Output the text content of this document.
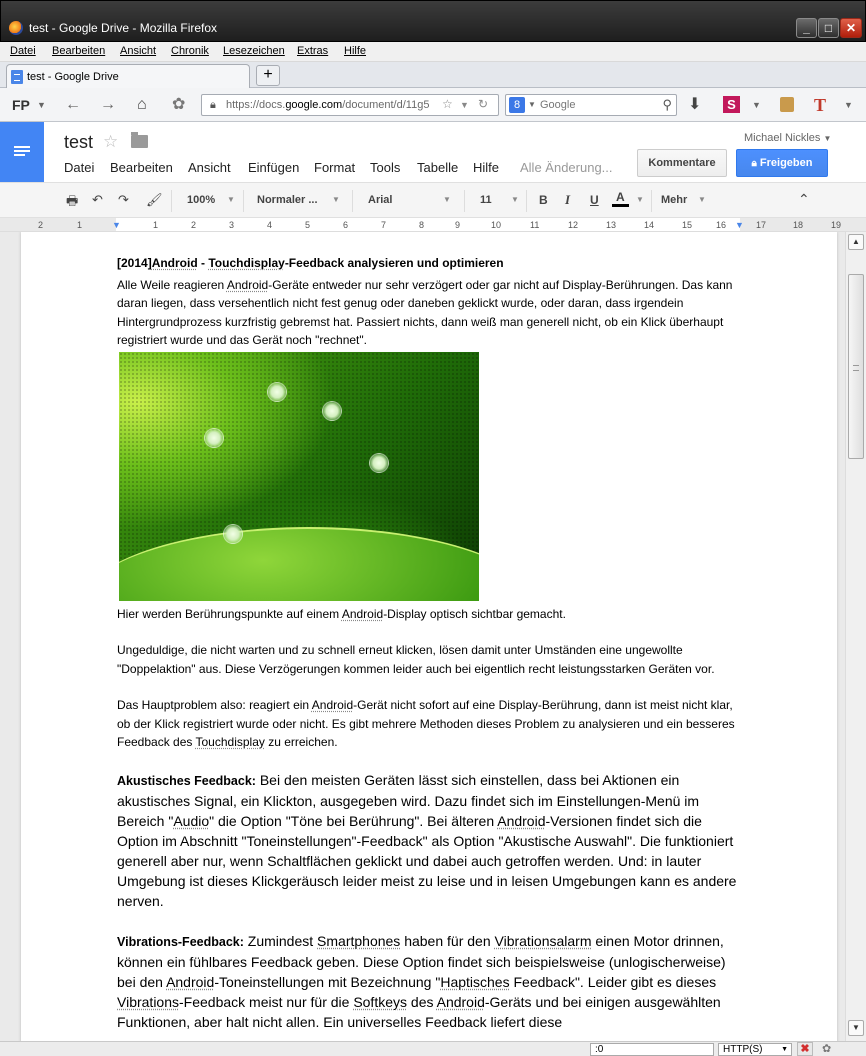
test - Google Drive - Mozilla Firefox	_	□	✕
Datei Bearbeiten Ansicht Chronik Lesezeichen Extras Hilfe
test - Google Drive	+
FP ▼ ← → ⌂ ✿ 🔒︎ https://docs.google.com/document/d/11g5	☆ ▼ ↻	8 ▼ Google	⚲ ⬇	S	▼	T ▼
test ☆
Datei Bearbeiten Ansicht Einfügen Format Tools Tabelle Hilfe Alle Änderung...
Michael Nickles ▼
Kommentare	🔒︎ Freigeben
🖶︎ ↶ ↷ 🖌︎ 100% ▼ Normaler ... ▼	Arial	▼	11 ▼ B I U	A	▼ Mehr ▼	⌃
2	1	▼	1	2	3	4	5	6	7	8	9	10	11	12	13	14	15	16 ▼ 17	18	19

[2014]Android - Touchdisplay-Feedback analysieren und optimieren

Alle Weile reagieren Android-Geräte entweder nur sehr verzögert oder gar nicht auf Display-Berührungen. Das kann daran liegen, dass versehentlich nicht fest genug oder daneben geklickt wurde, oder daran, dass irgendein Hintergrundprozess kurzfristig gebremst hat. Passiert nichts, dann weiß man generell nicht, ob ein Klick überhaupt registriert wurde und das Gerät noch "rechnet".

Hier werden Berührungspunkte auf einem Android-Display optisch sichtbar gemacht.

Ungeduldige, die nicht warten und zu schnell erneut klicken, lösen damit unter Umständen eine ungewollte "Doppelaktion" aus. Diese Verzögerungen kommen leider auch bei eigentlich recht leistungsstarken Geräten vor.

Das Hauptproblem also: reagiert ein Android-Gerät nicht sofort auf eine Display-Berührung, dann ist meist nicht klar, ob der Klick registriert wurde oder nicht. Es gibt mehrere Methoden dieses Problem zu analysieren und ein besseres Feedback des Touchdisplay zu erreichen.

Akustisches Feedback: Bei den meisten Geräten lässt sich einstellen, dass bei Aktionen ein akustisches Signal, ein Klickton, ausgegeben wird. Dazu findet sich im Einstellungen-Menü im Bereich "Audio" die Option "Töne bei Berührung". Bei älteren Android-Versionen findet sich die Option im Abschnitt "Toneinstellungen"-Feedback" als Option "Akustische Auswahl". Die funktioniert generell aber nur, wenn Schaltflächen geklickt und dabei auch getroffen werden. Und: in lauter Umgebung ist dieses Klickgeräusch leider meist zu leise und in leisen Umgebungen kann es andere nerven.

Vibrations-Feedback: Zumindest Smartphones haben für den Vibrationsalarm einen Motor drinnen, können ein fühlbares Feedback geben. Diese Option findet sich beispielsweise (unlogischerweise) bei den Android-Toneinstellungen mit Bezeichnung "Haptisches Feedback". Leider gibt es dieses Vibrations-Feedback meist nur für die Softkeys des Android-Geräts und bei einigen ausgewählten Funktionen, aber halt nicht allen. Ein universelles Feedback liefert diese

▲
▼
:0	HTTP(S)	▼	✖	✿
